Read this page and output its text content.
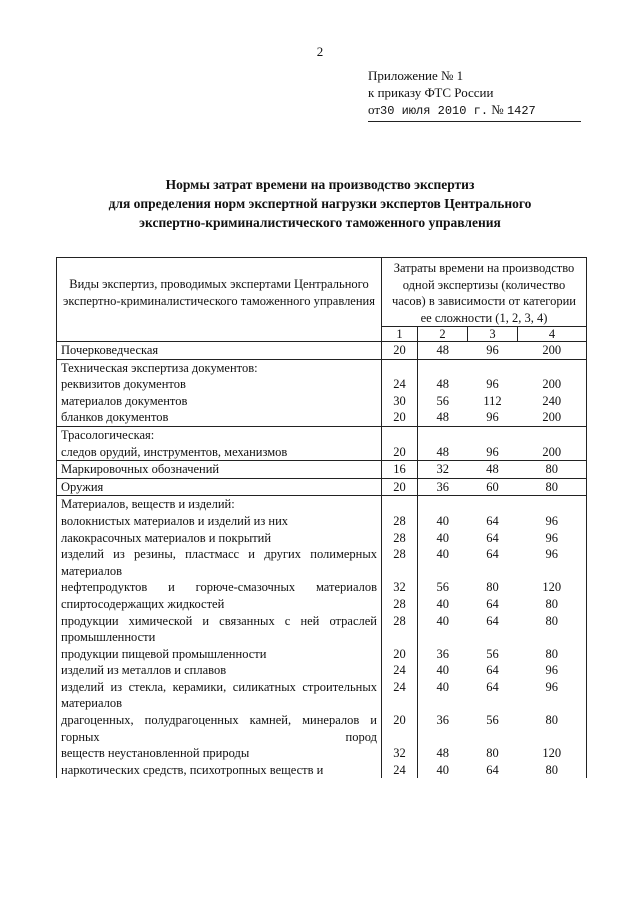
2
Приложение № 1
к приказу ФТС России
от30 июля 2010 г. № 1427
Нормы затрат времени на производство экспертиз
для определения норм экспертной нагрузки экспертов Центрального
экспертно-криминалистического таможенного управления
Виды экспертиз, проводимых экспертами Центрального экспертно-криминалистического таможенного управления	Затраты времени на производство одной экспертизы (количество часов) в зависимости от категории ее сложности (1, 2, 3, 4)			
	1	2	3	4
Почерковедческая	20	48	96	200
Техническая экспертиза документов:				
реквизитов документов	24	48	96	200
материалов документов	30	56	112	240
бланков документов	20	48	96	200
Трасологическая:				
следов орудий, инструментов, механизмов	20	48	96	200
Маркировочных обозначений	16	32	48	80
Оружия	20	36	60	80
Материалов, веществ и изделий:				
волокнистых материалов и изделий из них	28	40	64	96
лакокрасочных материалов и покрытий	28	40	64	96
изделий из резины, пластмасс и других полимерных материалов	28	40	64	96
нефтепродуктов и горюче-смазочных материалов	32	56	80	120
спиртосодержащих жидкостей	28	40	64	80
продукции химической и связанных с ней отраслей промышленности	28	40	64	80
продукции пищевой промышленности	20	36	56	80
изделий из металлов и сплавов	24	40	64	96
изделий из стекла, керамики, силикатных строительных материалов	24	40	64	96
драгоценных, полудрагоценных камней, минералов и горных пород	20	36	56	80
веществ неустановленной природы	32	48	80	120
наркотических средств, психотропных веществ и	24	40	64	80
